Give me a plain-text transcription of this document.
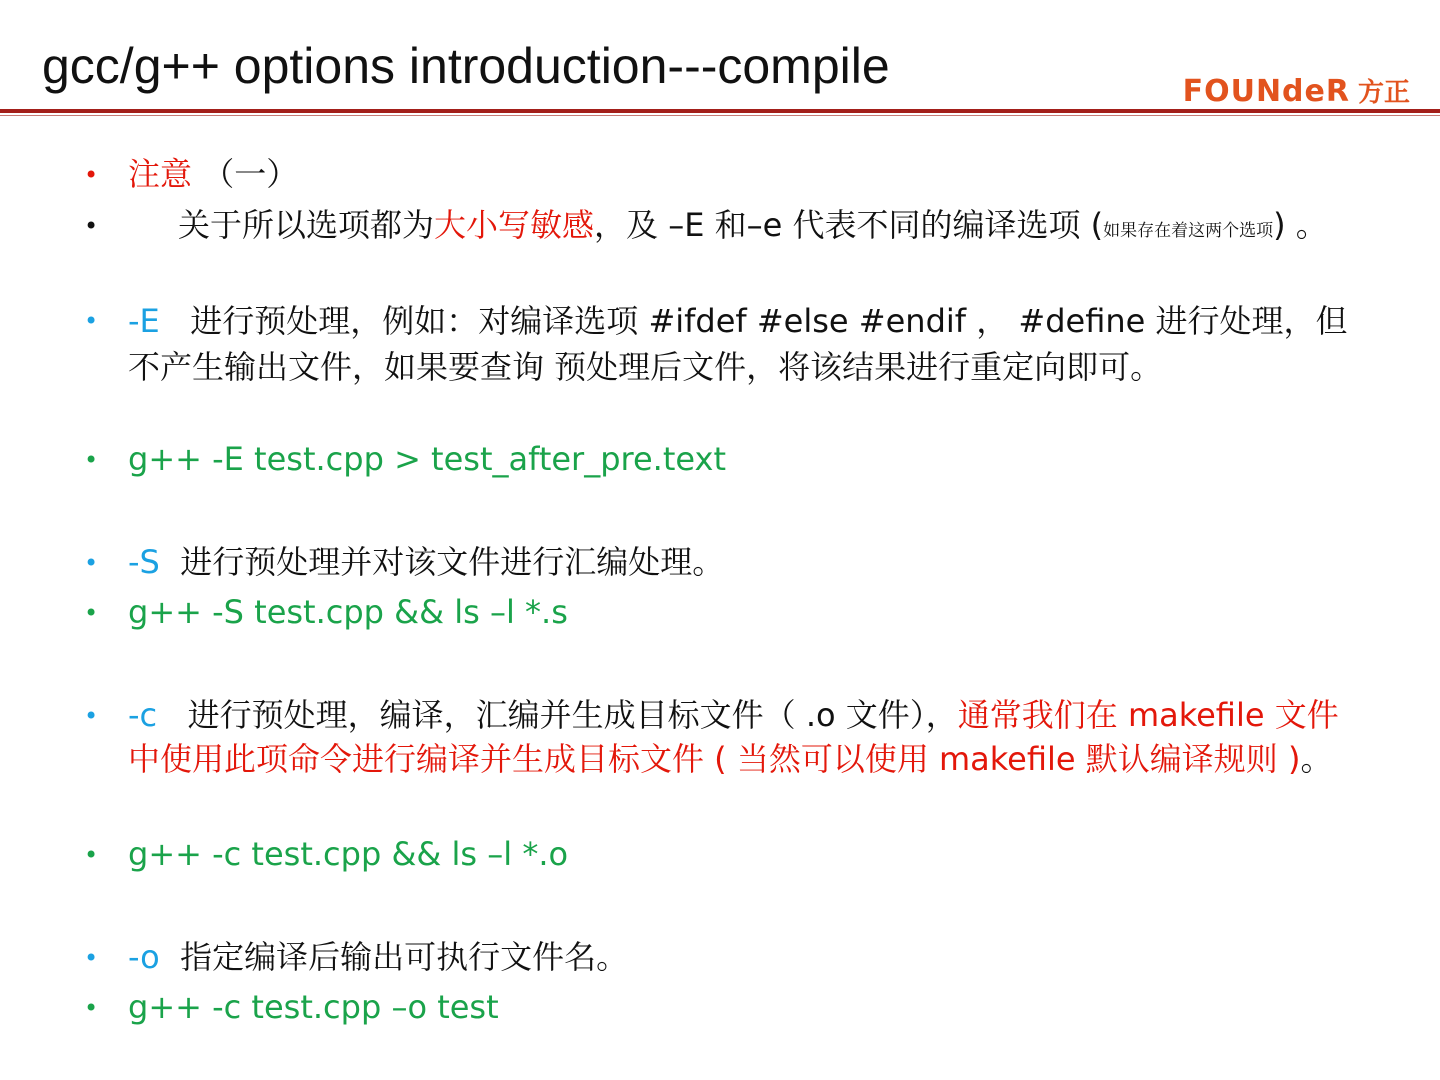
gcc/g++ options introduction---compile	FOUNdeR 方正
• 注意 （一）
•	关于所以选项都为大小写敏感，及 –E 和–e 代表不同的编译选项 (如果存在着这两个选项) 。
• -E 进行预处理，例如：对编译选项 #ifdef #else #endif ， #define 进行处理，但不产生输出文件，如果要查询 预处理后文件，将该结果进行重定向即可。
• g++ -E test.cpp > test_after_pre.text
• -S 进行预处理并对该文件进行汇编处理。
• g++ -S test.cpp && ls –l *.s
• -c 进行预处理，编译，汇编并生成目标文件（ .o 文件），通常我们在 makefile 文件中使用此项命令进行编译并生成目标文件 ( 当然可以使用 makefile 默认编译规则 )。
• g++ -c test.cpp && ls –l *.o
• -o 指定编译后输出可执行文件名。
• g++ -c test.cpp –o test
